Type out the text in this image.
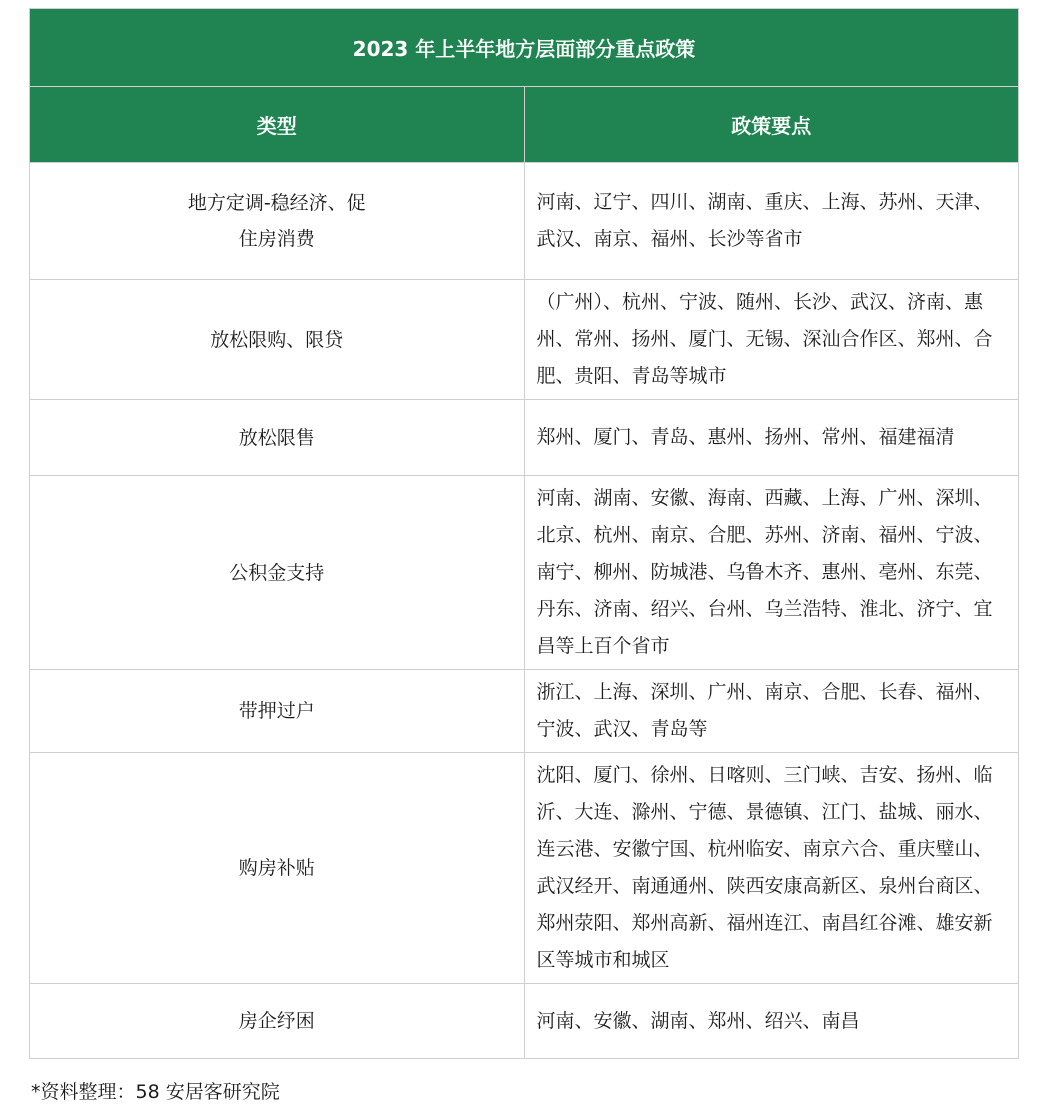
2023 年上半年地方层面部分重点政策	
类型	政策要点
地方定调-稳经济、促住房消费	河南、辽宁、四川、湖南、重庆、上海、苏州、天津、武汉、南京、福州、长沙等省市
放松限购、限贷	（广州）、杭州、宁波、随州、长沙、武汉、济南、惠州、常州、扬州、厦门、无锡、深汕合作区、郑州、合肥、贵阳、青岛等城市
放松限售	郑州、厦门、青岛、惠州、扬州、常州、福建福清
公积金支持	河南、湖南、安徽、海南、西藏、上海、广州、深圳、北京、杭州、南京、合肥、苏州、济南、福州、宁波、南宁、柳州、防城港、乌鲁木齐、惠州、亳州、东莞、丹东、济南、绍兴、台州、乌兰浩特、淮北、济宁、宜昌等上百个省市
带押过户	浙江、上海、深圳、广州、南京、合肥、长春、福州、宁波、武汉、青岛等
购房补贴	沈阳、厦门、徐州、日喀则、三门峡、吉安、扬州、临沂、大连、滁州、宁德、景德镇、江门、盐城、丽水、连云港、安徽宁国、杭州临安、南京六合、重庆璧山、武汉经开、南通通州、陕西安康高新区、泉州台商区、郑州荥阳、郑州高新、福州连江、南昌红谷滩、雄安新区等城市和城区
房企纾困	河南、安徽、湖南、郑州、绍兴、南昌
*资料整理：58 安居客研究院
